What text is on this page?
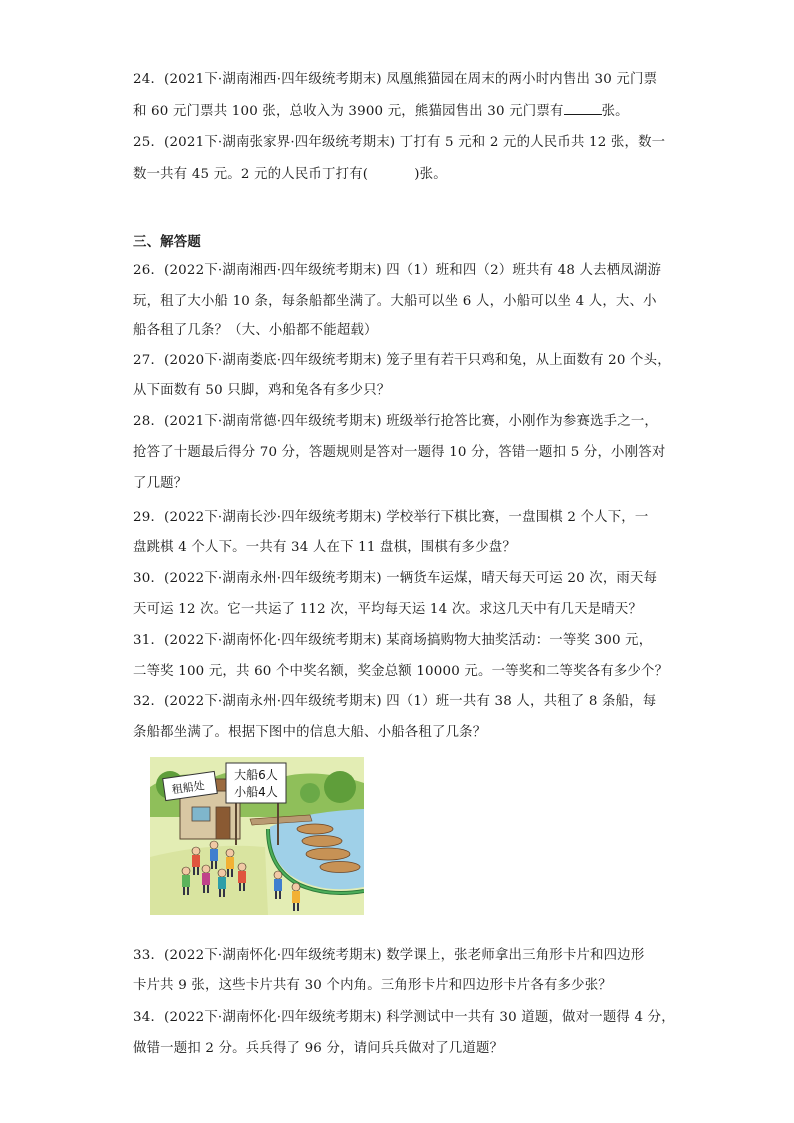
24．(2021下·湖南湘西·四年级统考期末) 凤凰熊猫园在周末的两小时内售出 30 元门票
和 60 元门票共 100 张，总收入为 3900 元，熊猫园售出 30 元门票有	张。
25．(2021下·湖南张家界·四年级统考期末) 丁打有 5 元和 2 元的人民币共 12 张，数一
数一共有 45 元。2 元的人民币丁打有(	)张。
三、解答题
26．(2022下·湖南湘西·四年级统考期末) 四（1）班和四（2）班共有 48 人去栖凤湖游
玩，租了大小船 10 条，每条船都坐满了。大船可以坐 6 人，小船可以坐 4 人，大、小
船各租了几条？（大、小船都不能超载）
27．(2020下·湖南娄底·四年级统考期末) 笼子里有若干只鸡和兔，从上面数有 20 个头，
从下面数有 50 只脚，鸡和兔各有多少只？
28．(2021下·湖南常德·四年级统考期末) 班级举行抢答比赛，小刚作为参赛选手之一，
抢答了十题最后得分 70 分，答题规则是答对一题得 10 分，答错一题扣 5 分，小刚答对
了几题？
29．(2022下·湖南长沙·四年级统考期末) 学校举行下棋比赛，一盘围棋 2 个人下，一
盘跳棋 4 个人下。一共有 34 人在下 11 盘棋，围棋有多少盘？
30．(2022下·湖南永州·四年级统考期末) 一辆货车运煤，晴天每天可运 20 次，雨天每
天可运 12 次。它一共运了 112 次，平均每天运 14 次。求这几天中有几天是晴天？
31．(2022下·湖南怀化·四年级统考期末) 某商场搞购物大抽奖活动：一等奖 300 元，
二等奖 100 元，共 60 个中奖名额，奖金总额 10000 元。一等奖和二等奖各有多少个？
32．(2022下·湖南永州·四年级统考期末) 四（1）班一共有 38 人，共租了 8 条船，每
条船都坐满了。根据下图中的信息大船、小船各租了几条？
租船处
大船6人
小船4人
33．(2022下·湖南怀化·四年级统考期末) 数学课上，张老师拿出三角形卡片和四边形
卡片共 9 张，这些卡片共有 30 个内角。三角形卡片和四边形卡片各有多少张？
34．(2022下·湖南怀化·四年级统考期末) 科学测试中一共有 30 道题，做对一题得 4 分，
做错一题扣 2 分。兵兵得了 96 分，请问兵兵做对了几道题？
